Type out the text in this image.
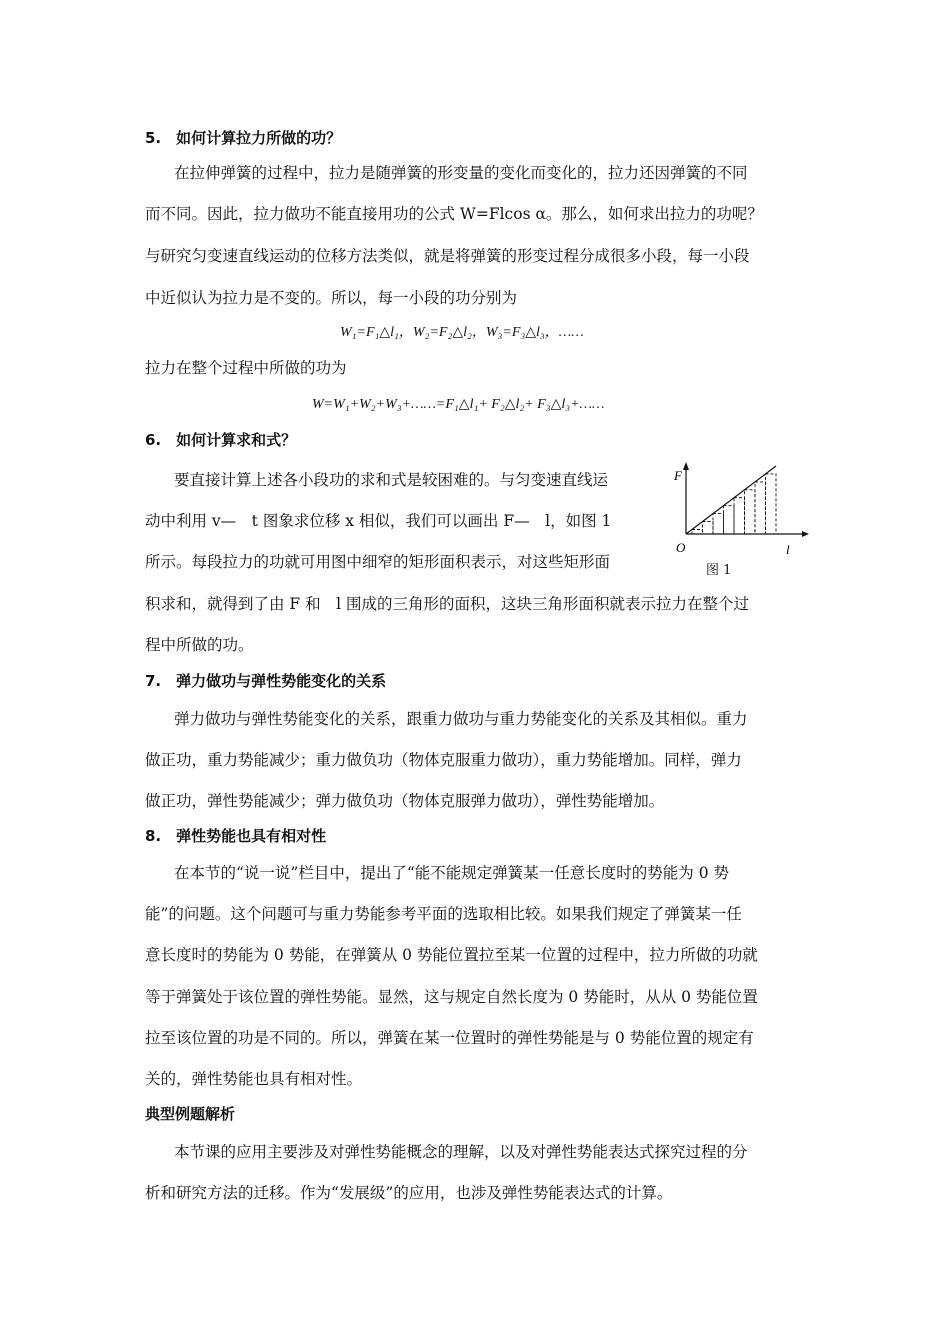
5.　如何计算拉力所做的功？
在拉伸弹簧的过程中，拉力是随弹簧的形变量的变化而变化的，拉力还因弹簧的不同
而不同。因此，拉力做功不能直接用功的公式 W=Flcos α。那么，如何求出拉力的功呢？
与研究匀变速直线运动的位移方法类似，就是将弹簧的形变过程分成很多小段，每一小段
中近似认为拉力是不变的。所以，每一小段的功分别为
W₁=F₁△l₁，W₂=F₂△l₂，W₃=F₃△l₃，……
拉力在整个过程中所做的功为
W=W₁+W₂+W₃+……=F₁△l₁+ F₂△l₂+ F₃△l₃+……
6.　如何计算求和式？
要直接计算上述各小段功的求和式是较困难的。与匀变速直线运
动中利用 v—　t 图象求位移 x 相似，我们可以画出 F—　l，如图 1
所示。每段拉力的功就可用图中细窄的矩形面积表示，对这些矩形面
积求和，就得到了由 F 和　l 围成的三角形的面积，这块三角形面积就表示拉力在整个过
程中所做的功。
F
O	l
图 1
7.　弹力做功与弹性势能变化的关系
弹力做功与弹性势能变化的关系，跟重力做功与重力势能变化的关系及其相似。重力
做正功，重力势能减少；重力做负功（物体克服重力做功），重力势能增加。同样，弹力
做正功，弹性势能减少；弹力做负功（物体克服弹力做功），弹性势能增加。
8.　弹性势能也具有相对性
在本节的“说一说”栏目中，提出了“能不能规定弹簧某一任意长度时的势能为 0 势
能”的问题。这个问题可与重力势能参考平面的选取相比较。如果我们规定了弹簧某一任
意长度时的势能为 0 势能，在弹簧从 0 势能位置拉至某一位置的过程中，拉力所做的功就
等于弹簧处于该位置的弹性势能。显然，这与规定自然长度为 0 势能时，从从 0 势能位置
拉至该位置的功是不同的。所以，弹簧在某一位置时的弹性势能是与 0 势能位置的规定有
关的，弹性势能也具有相对性。
典型例题解析
本节课的应用主要涉及对弹性势能概念的理解，以及对弹性势能表达式探究过程的分
析和研究方法的迁移。作为“发展级”的应用，也涉及弹性势能表达式的计算。
